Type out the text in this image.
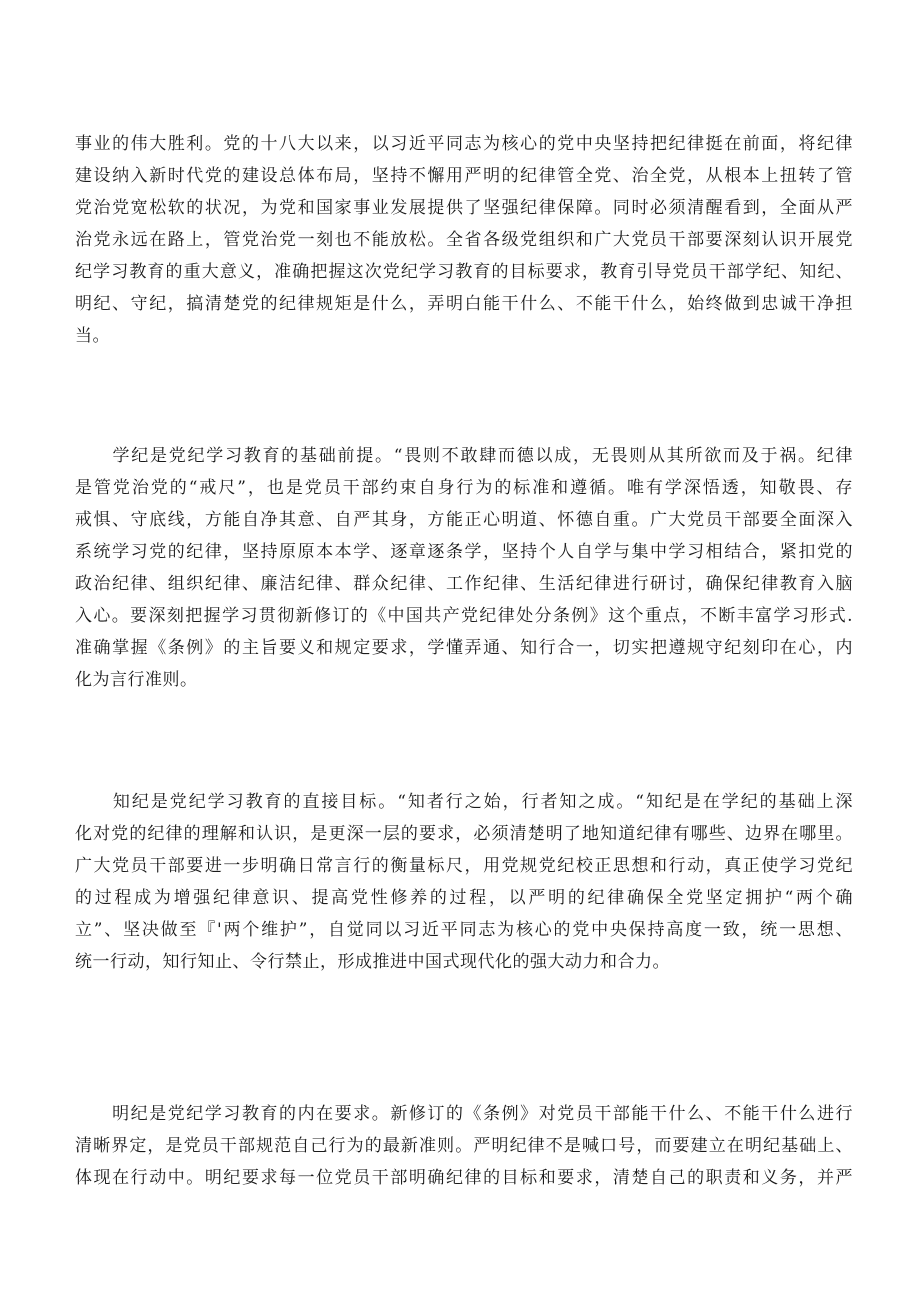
事业的伟大胜利。党的十八大以来，以习近平同志为核心的党中央坚持把纪律挺在前面，将纪律
建设纳入新时代党的建设总体布局，坚持不懈用严明的纪律管全党、治全党，从根本上扭转了管
党治党宽松软的状况，为党和国家事业发展提供了坚强纪律保障。同时必须清醒看到，全面从严
治党永远在路上，管党治党一刻也不能放松。全省各级党组织和广大党员干部要深刻认识开展党
纪学习教育的重大意义，准确把握这次党纪学习教育的目标要求，教育引导党员干部学纪、知纪、
明纪、守纪，搞清楚党的纪律规矩是什么，弄明白能干什么、不能干什么，始终做到忠诚干净担
当。
　　学纪是党纪学习教育的基础前提。“畏则不敢肆而德以成，无畏则从其所欲而及于祸。纪律
是管党治党的“戒尺”，也是党员干部约束自身行为的标准和遵循。唯有学深悟透，知敬畏、存
戒惧、守底线，方能自净其意、自严其身，方能正心明道、怀德自重。广大党员干部要全面深入
系统学习党的纪律，坚持原原本本学、逐章逐条学，坚持个人自学与集中学习相结合，紧扣党的
政治纪律、组织纪律、廉洁纪律、群众纪律、工作纪律、生活纪律进行研讨，确保纪律教育入脑
入心。要深刻把握学习贯彻新修订的《中国共产党纪律处分条例》这个重点，不断丰富学习形式.
准确掌握《条例》的主旨要义和规定要求，学懂弄通、知行合一，切实把遵规守纪刻印在心，内
化为言行准则。
　　知纪是党纪学习教育的直接目标。“知者行之始，行者知之成。“知纪是在学纪的基础上深
化对党的纪律的理解和认识，是更深一层的要求，必须清楚明了地知道纪律有哪些、边界在哪里。
广大党员干部要进一步明确日常言行的衡量标尺，用党规党纪校正思想和行动，真正使学习党纪
的过程成为增强纪律意识、提高党性修养的过程，以严明的纪律确保全党坚定拥护“两个确
立”、坚决做至『'两个维护”，自觉同以习近平同志为核心的党中央保持高度一致，统一思想、
统一行动，知行知止、令行禁止，形成推进中国式现代化的强大动力和合力。
　　明纪是党纪学习教育的内在要求。新修订的《条例》对党员干部能干什么、不能干什么进行
清晰界定，是党员干部规范自己行为的最新准则。严明纪律不是喊口号，而要建立在明纪基础上、
体现在行动中。明纪要求每一位党员干部明确纪律的目标和要求，清楚自己的职责和义务，并严
